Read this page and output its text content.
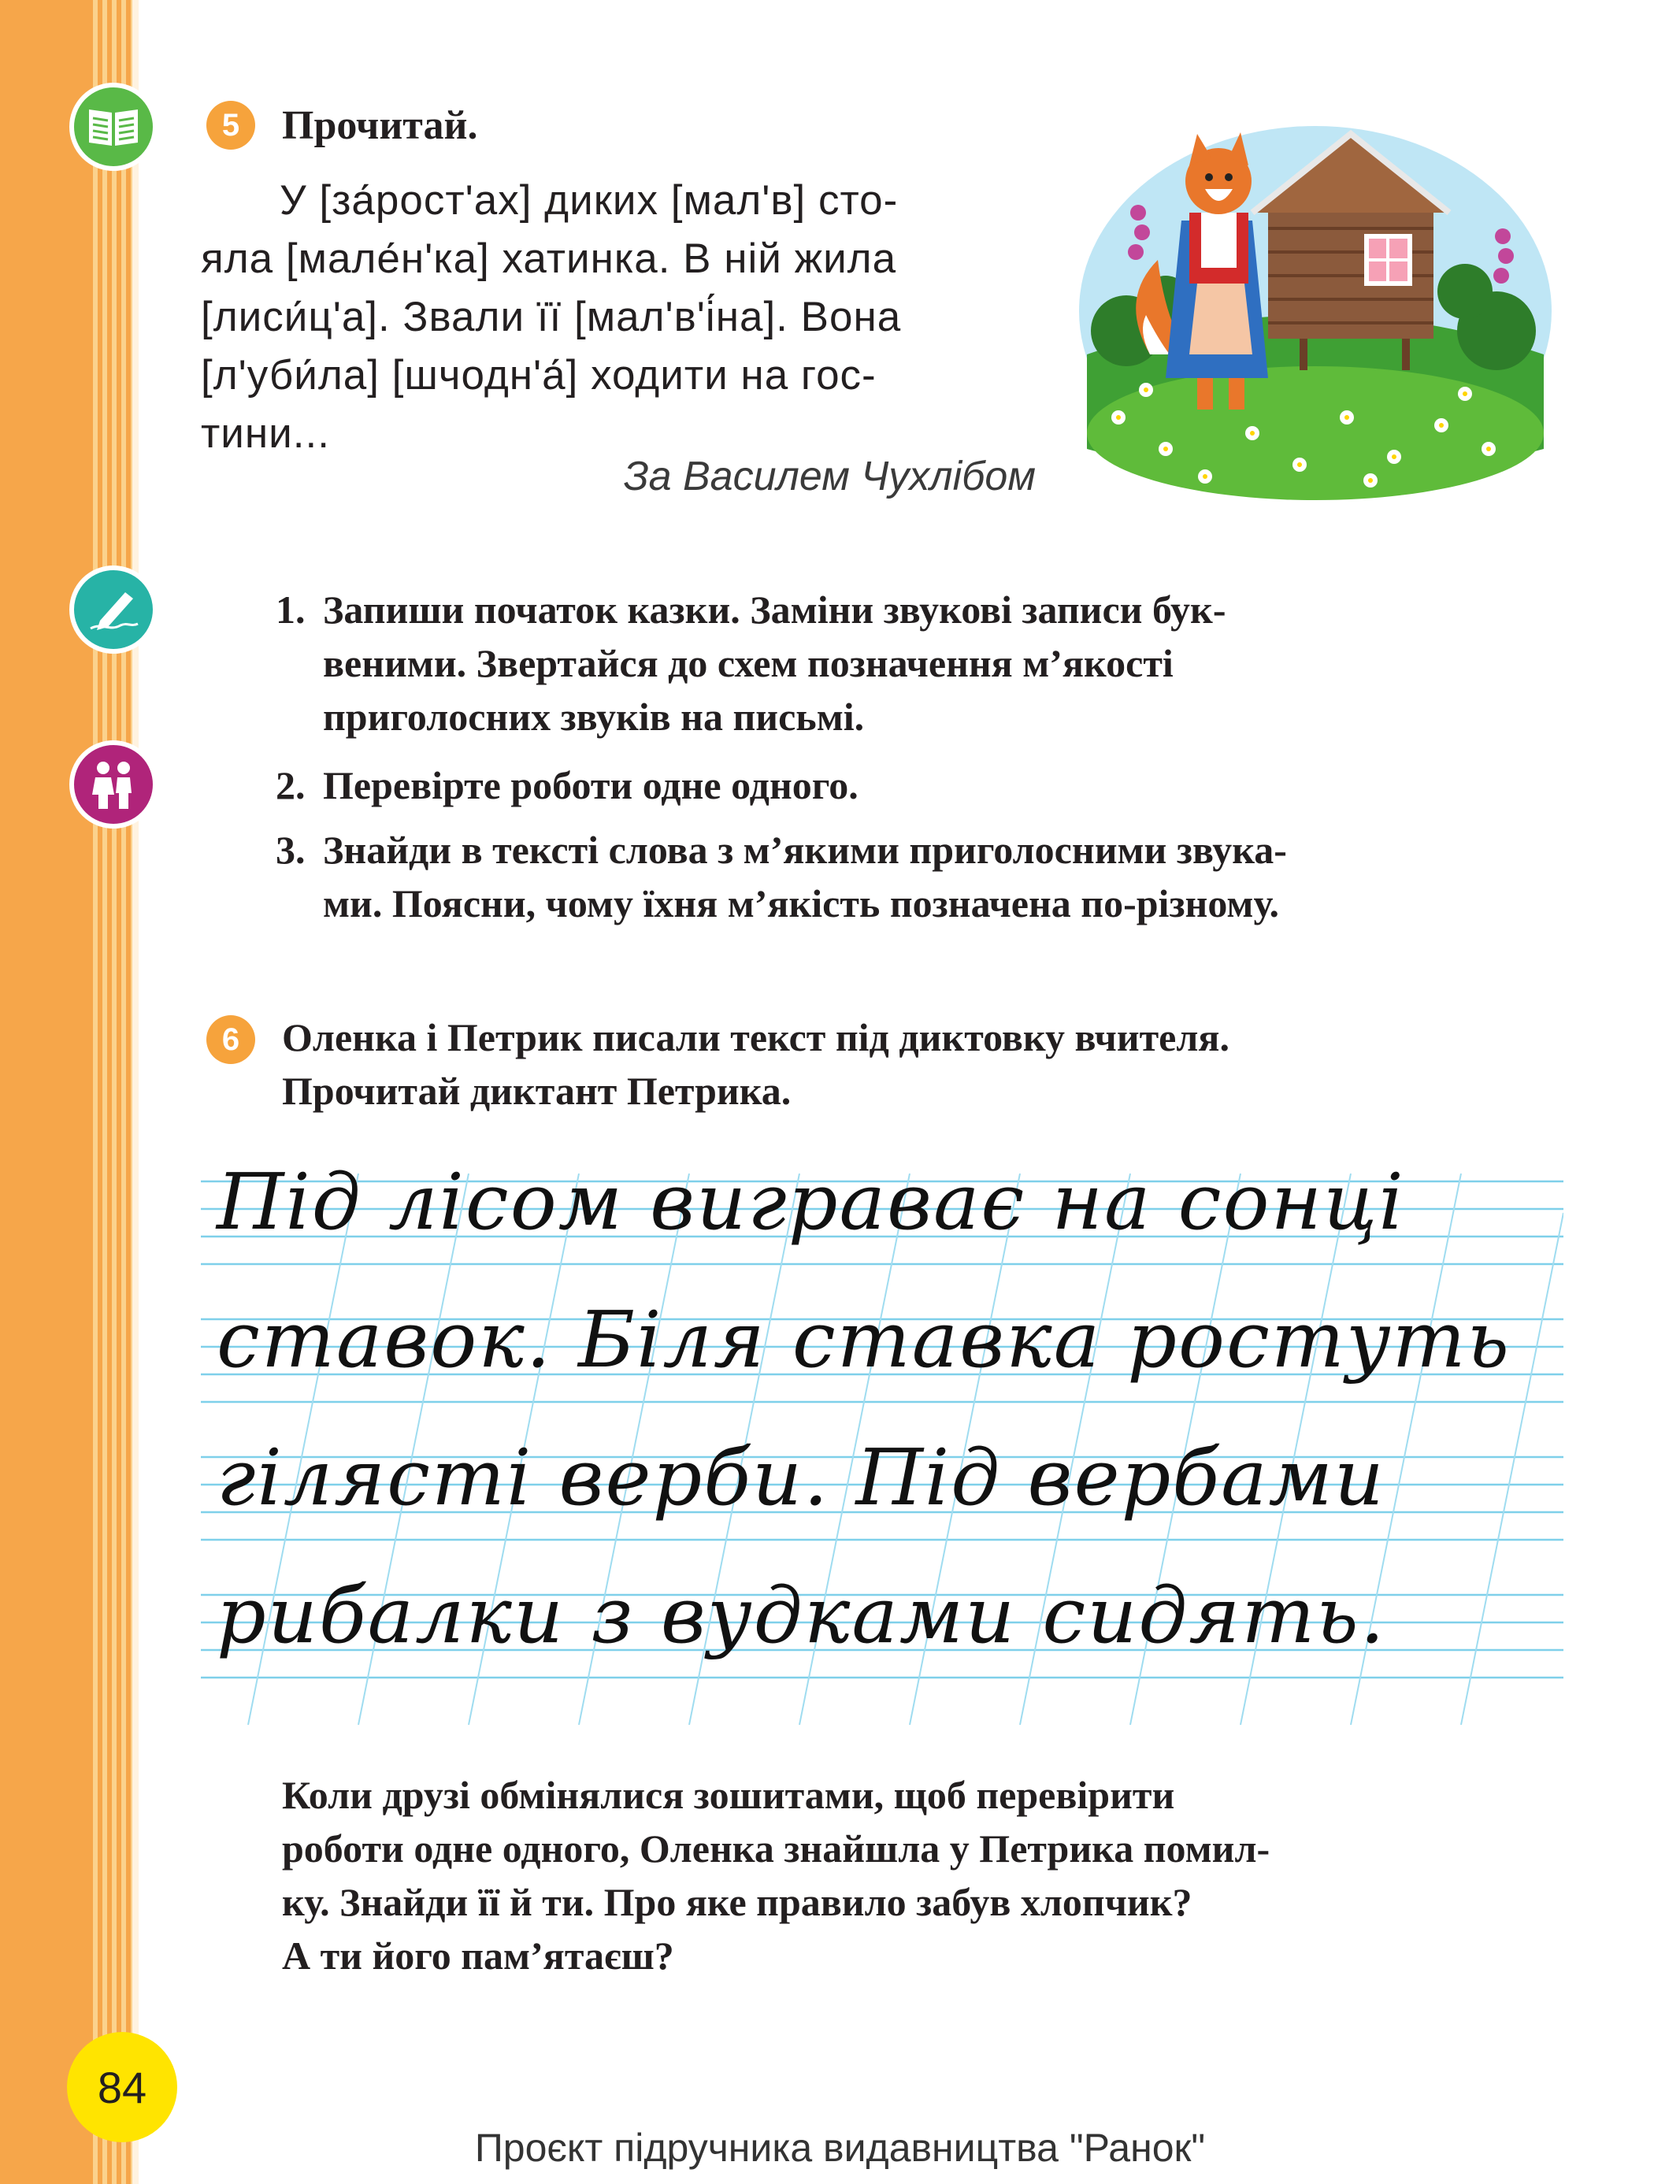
5	Прочитай.
У [за́рост'ах] диких [мал'в] сто-
яла [мале́н'ка] хатинка. В ній жила
[лиси́ц'а]. Звали її [мал'в'і́на]. Вона
[л'уби́ла] [шчодн'а́] ходити на гос-
тини...
За Василем Чухлібом
1. Запиши початок казки. Заміни звукові записи бук-
веними. Звертайся до схем позначення м’якості
приголосних звуків на письмі.
2. Перевірте роботи одне одного.
3. Знайди в тексті слова з м’якими приголосними звука-
ми. Поясни, чому їхня м’якість позначена по-різному.
6	Оленка і Петрик писали текст під диктовку вчителя.
Прочитай диктант Петрика.
Під лісом виграває на сонці
ставок. Біля ставка ростуть
гілясті верби. Під вербами
рибалки з вудками сидять.
Коли друзі обмінялися зошитами, щоб перевірити
роботи одне одного, Оленка знайшла у Петрика помил-
ку. Знайди її й ти. Про яке правило забув хлопчик?
А ти його пам’ятаєш?
84
Проєкт підручника видавництва "Ранок"
